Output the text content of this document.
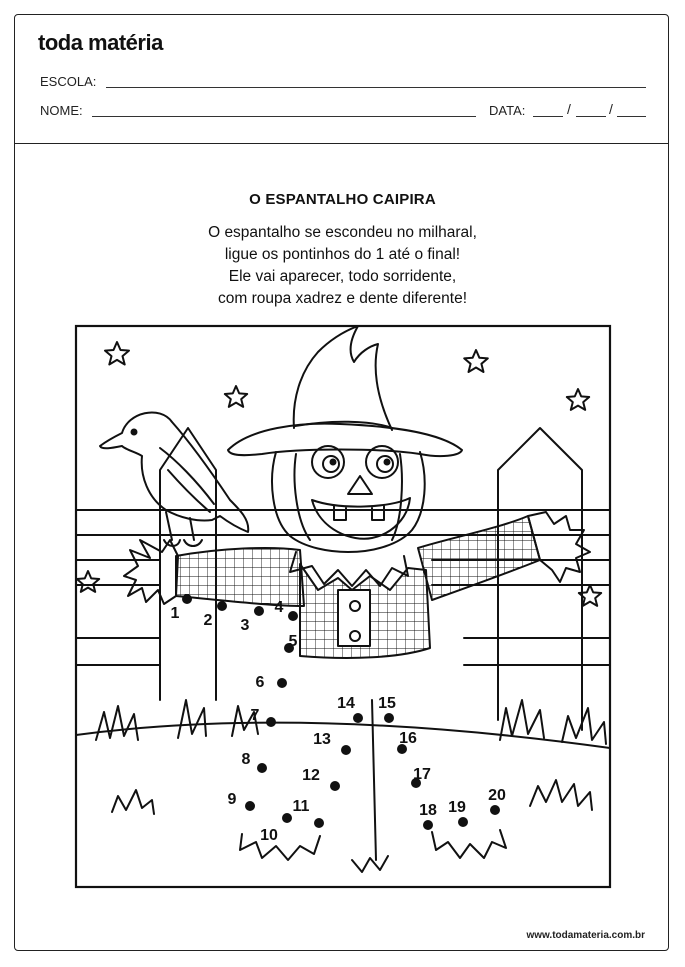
toda matéria
ESCOLA:
NOME:	DATA:	/	/
O ESPANTALHO CAIPIRA
O espantalho se escondeu no milharal,
ligue os pontinhos do 1 até o final!
Ele vai aparecer, todo sorridente,
com roupa xadrez e dente diferente!
1 2 3
4
5
6
7
8
9
10
11
12
13
14 15
16
17
18 19
20
www.todamateria.com.br
